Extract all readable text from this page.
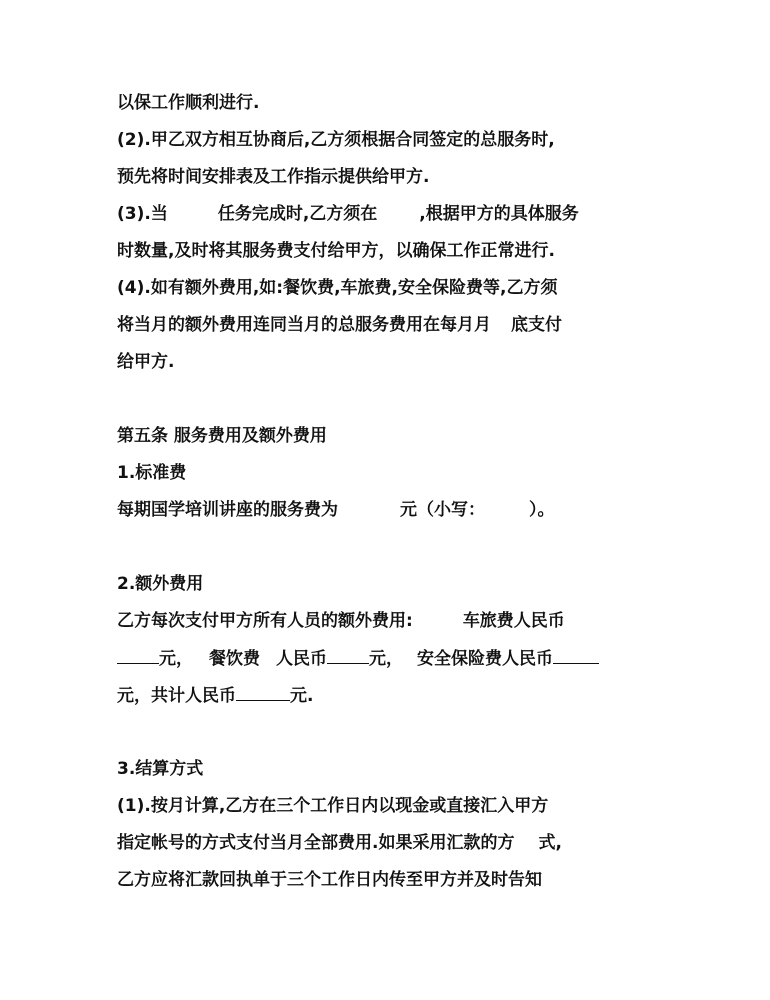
以保工作顺利进行.
(2).甲乙双方相互协商后,乙方须根据合同签定的总服务时,
预先将时间安排表及工作指示提供给甲方.
(3).当	任务完成时,乙方须在 ,根据甲方的具体服务
时数量,及时将其服务费支付给甲方，以确保工作正常进行.
(4).如有额外费用,如:餐饮费,车旅费,安全保险费等,乙方须
将当月的额外费用连同当月的总服务费用在每月月 底支付
给甲方.
第五条 服务费用及额外费用
1.标准费
每期国学培训讲座的服务费为	元（小写：	）。
2.额外费用
乙方每次支付甲方所有人员的额外费用:	车旅费人民币
元， 餐饮费 人民币 元， 安全保险费人民币
元，共计人民币	元.
3.结算方式
(1).按月计算,乙方在三个工作日内以现金或直接汇入甲方
指定帐号的方式支付当月全部费用.如果采用汇款的方 式,
乙方应将汇款回执单于三个工作日内传至甲方并及时告知
